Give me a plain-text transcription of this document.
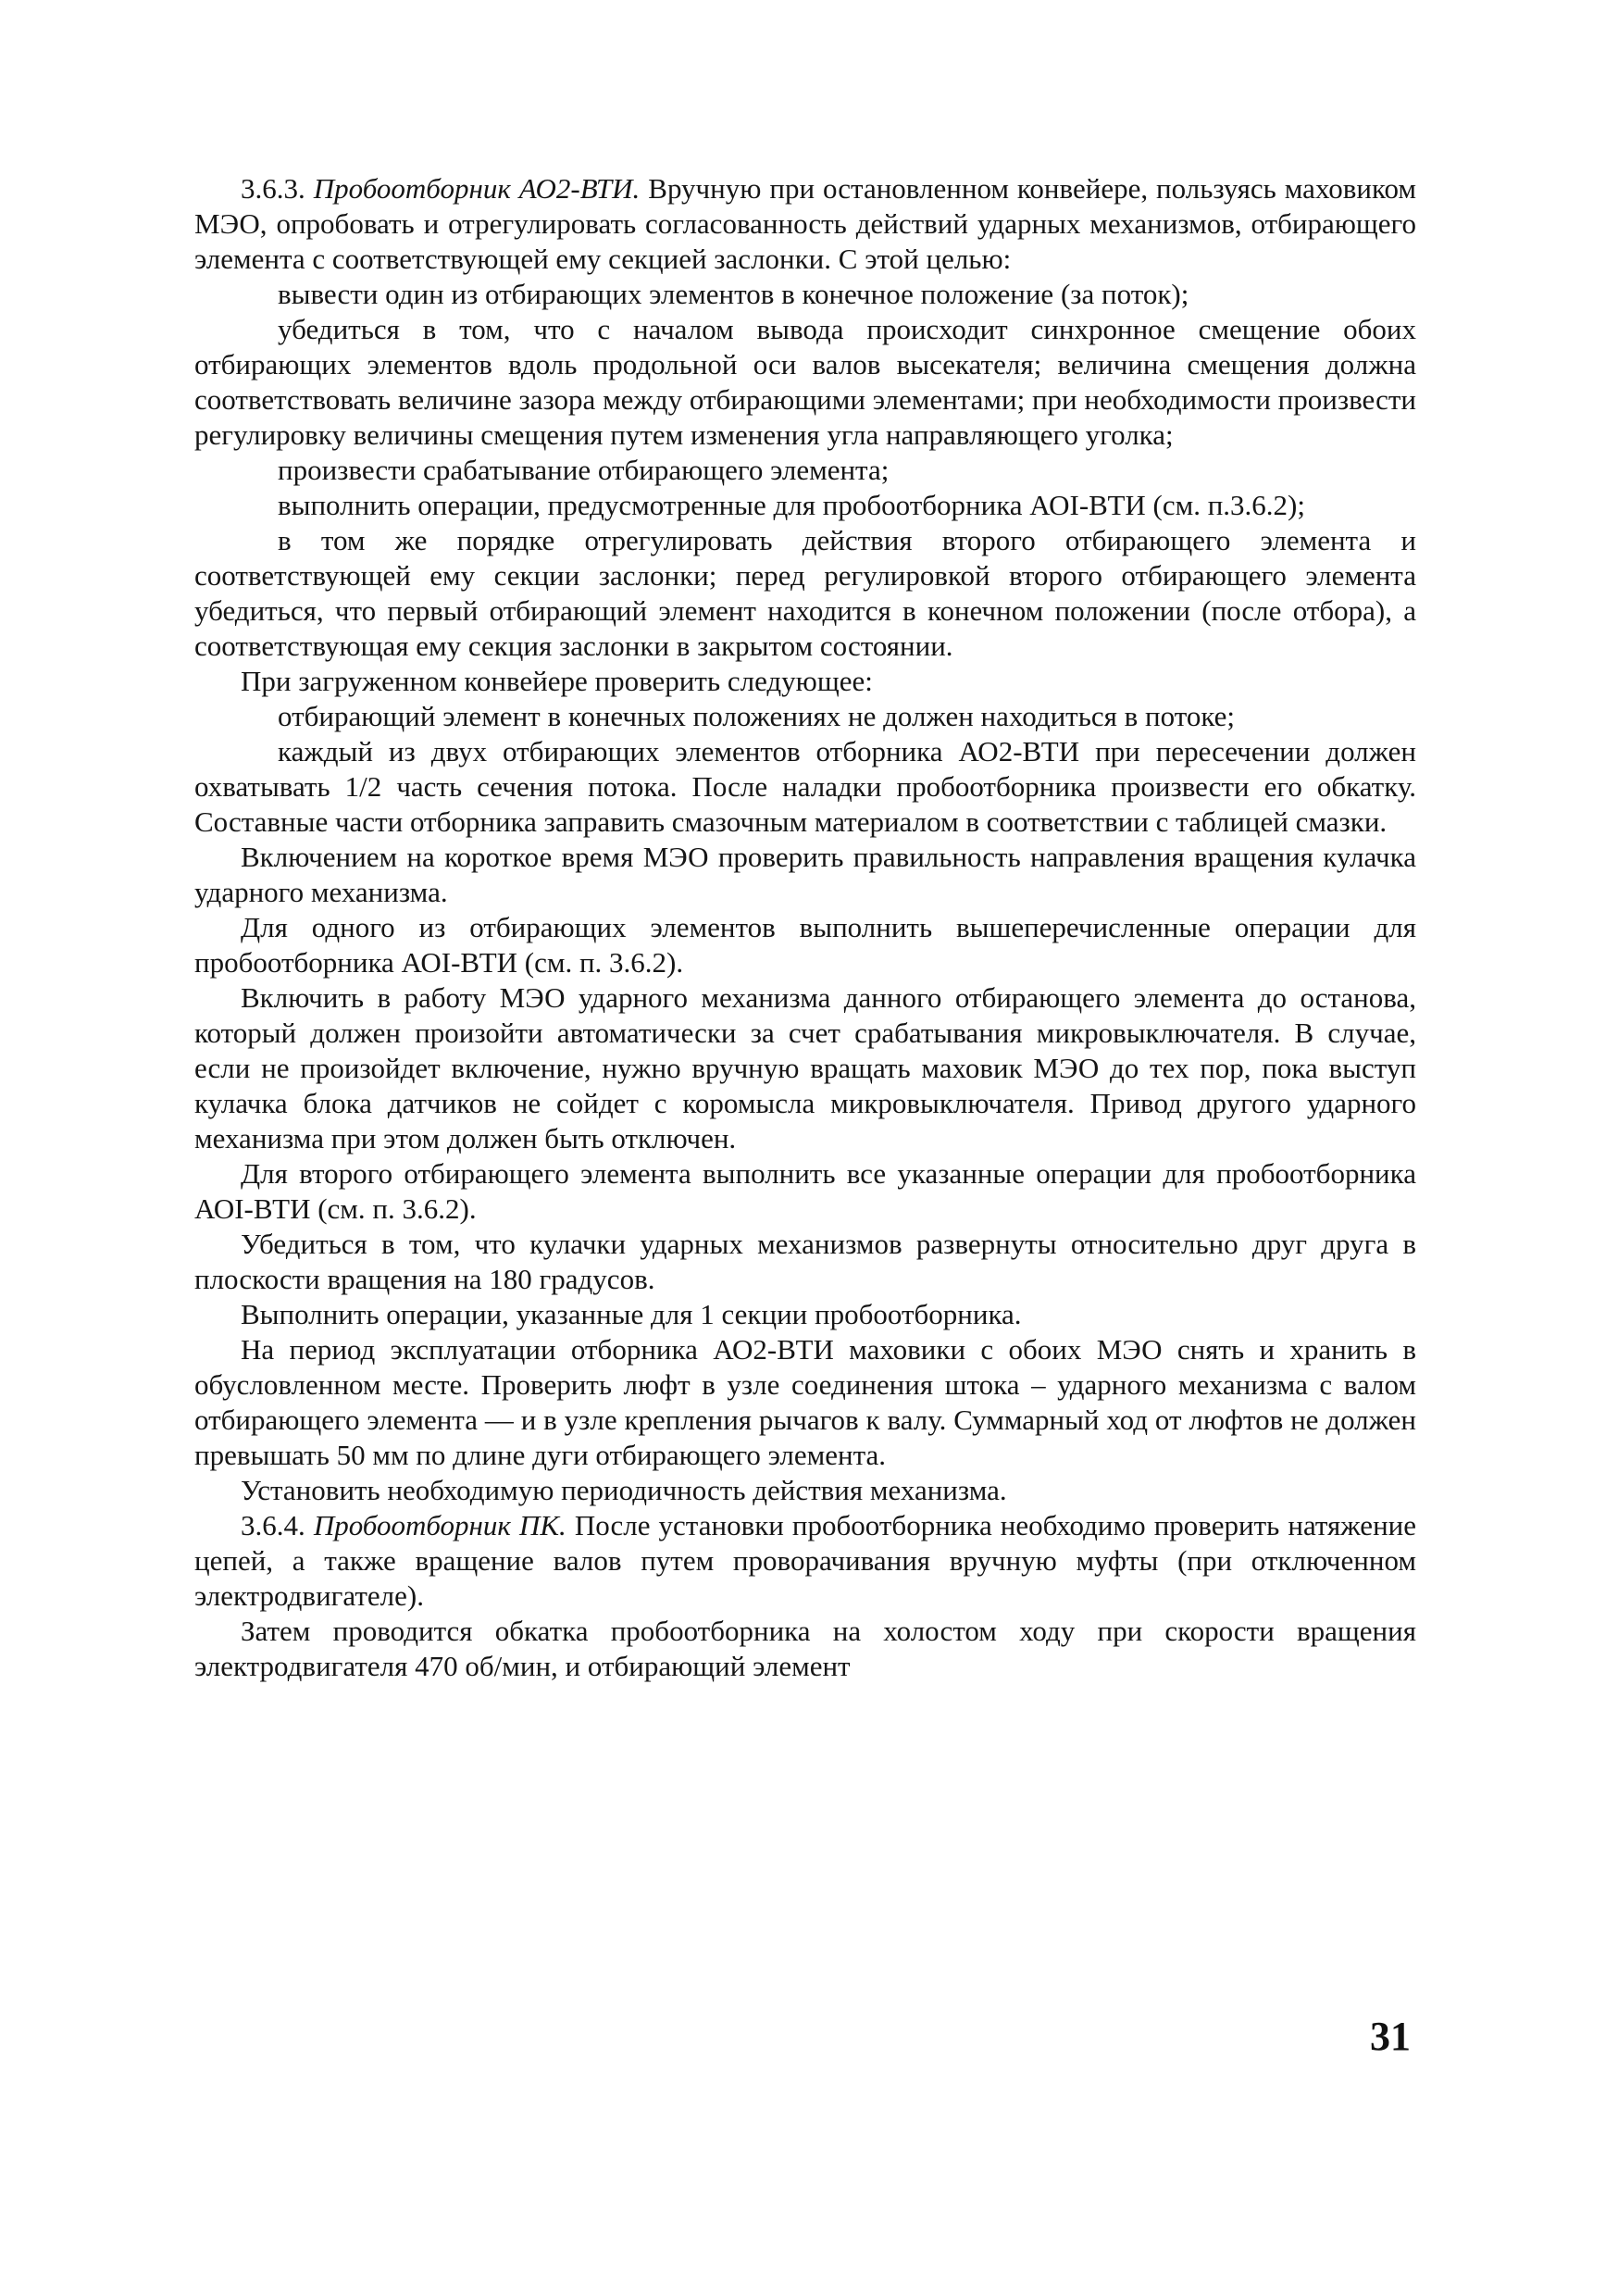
3.6.3. Пробоотборник АО2-ВТИ. Вручную при остановленном конвейере, пользуясь маховиком МЭО, опробовать и отрегулировать согласованность действий ударных механизмов, отбирающего элемента с соответствующей ему секцией заслонки. С этой целью:

вывести один из отбирающих элементов в конечное положение (за поток);

убедиться в том, что с началом вывода происходит синхронное смещение обоих отбирающих элементов вдоль продольной оси валов высекателя; величина смещения должна соответствовать величине зазора между отбирающими элементами; при необходимости произвести регулировку величины смещения путем изменения угла направляющего уголка;

произвести срабатывание отбирающего элемента;

выполнить операции, предусмотренные для пробоотборника АОI-ВТИ (см. п.3.6.2);

в том же порядке отрегулировать действия второго отбирающего элемента и соответствующей ему секции заслонки; перед регулировкой второго отбирающего элемента убедиться, что первый отбирающий элемент находится в конечном положении (после отбора), а соответствующая ему секция заслонки в закрытом состоянии.

При загруженном конвейере проверить следующее:

отбирающий элемент в конечных положениях не должен находиться в потоке;

каждый из двух отбирающих элементов отборника АО2-ВТИ при пересечении должен охватывать 1/2 часть сечения потока. После наладки пробоотборника произвести его обкатку. Составные части отборника заправить смазочным материалом в соответствии с таблицей смазки.

Включением на короткое время МЭО проверить правильность направления вращения кулачка ударного механизма.

Для одного из отбирающих элементов выполнить вышеперечисленные операции для пробоотборника АОI-ВТИ (см. п. 3.6.2).

Включить в работу МЭО ударного механизма данного отбирающего элемента до останова, который должен произойти автоматически за счет срабатывания микровыключателя. В случае, если не произойдет включение, нужно вручную вращать маховик МЭО до тех пор, пока выступ кулачка блока датчиков не сойдет с коромысла микровыключателя. Привод другого ударного механизма при этом должен быть отключен.

Для второго отбирающего элемента выполнить все указанные операции для пробоотборника АОI-ВТИ (см. п. 3.6.2).

Убедиться в том, что кулачки ударных механизмов развернуты относительно друг друга в плоскости вращения на 180 градусов.

Выполнить операции, указанные для 1 секции пробоотборника.

На период эксплуатации отборника АО2-ВТИ маховики с обоих МЭО снять и хранить в обусловленном месте. Проверить люфт в узле соединения штока – ударного механизма с валом отбирающего элемента — и в узле крепления рычагов к валу. Суммарный ход от люфтов не должен превышать 50 мм по длине дуги отбирающего элемента.

Установить необходимую периодичность действия механизма.

3.6.4. Пробоотборник ПК. После установки пробоотборника необходимо проверить натяжение цепей, а также вращение валов путем проворачивания вручную муфты (при отключенном электродвигателе).

Затем проводится обкатка пробоотборника на холостом ходу при скорости вращения электродвигателя 470 об/мин, и отбирающий элемент

31
